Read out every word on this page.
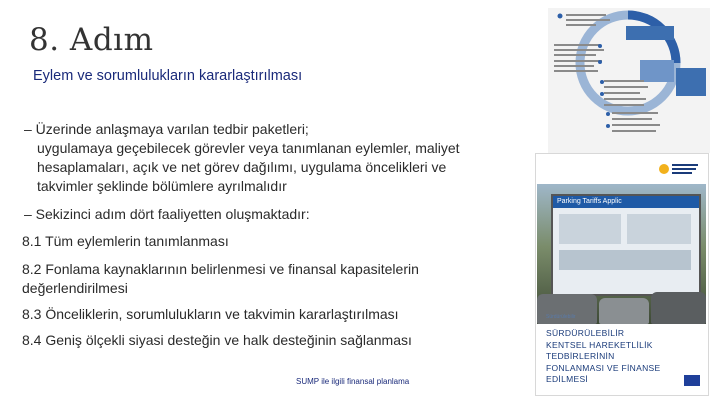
8. Adım
Eylem ve sorumlulukların kararlaştırılması
– Üzerinde anlaşmaya varılan tedbir paketleri;
uygulamaya geçebilecek görevler veya tanımlanan eylemler, maliyet
hesaplamaları, açık ve net görev dağılımı, uygulama öncelikleri ve
takvimler şeklinde bölümlere ayrılmalıdır
– Sekizinci adım dört faaliyetten oluşmaktadır:
8.1 Tüm eylemlerin tanımlanması
8.2 Fonlama kaynaklarının belirlenmesi ve finansal kapasitelerin
değerlendirilmesi
8.3 Önceliklerin, sorumlulukların ve takvimin kararlaştırılması
8.4 Geniş ölçekli siyasi desteğin ve halk desteğinin sağlanması
SUMP ile ilgili finansal planlama
Parking Tariffs Applic
Sürdürülebilir
SÜRDÜRÜLEBİLİR
KENTSEL HAREKETLİLİK
TEDBİRLERİNİN
FONLANMASI VE FİNANSE
EDİLMESİ
